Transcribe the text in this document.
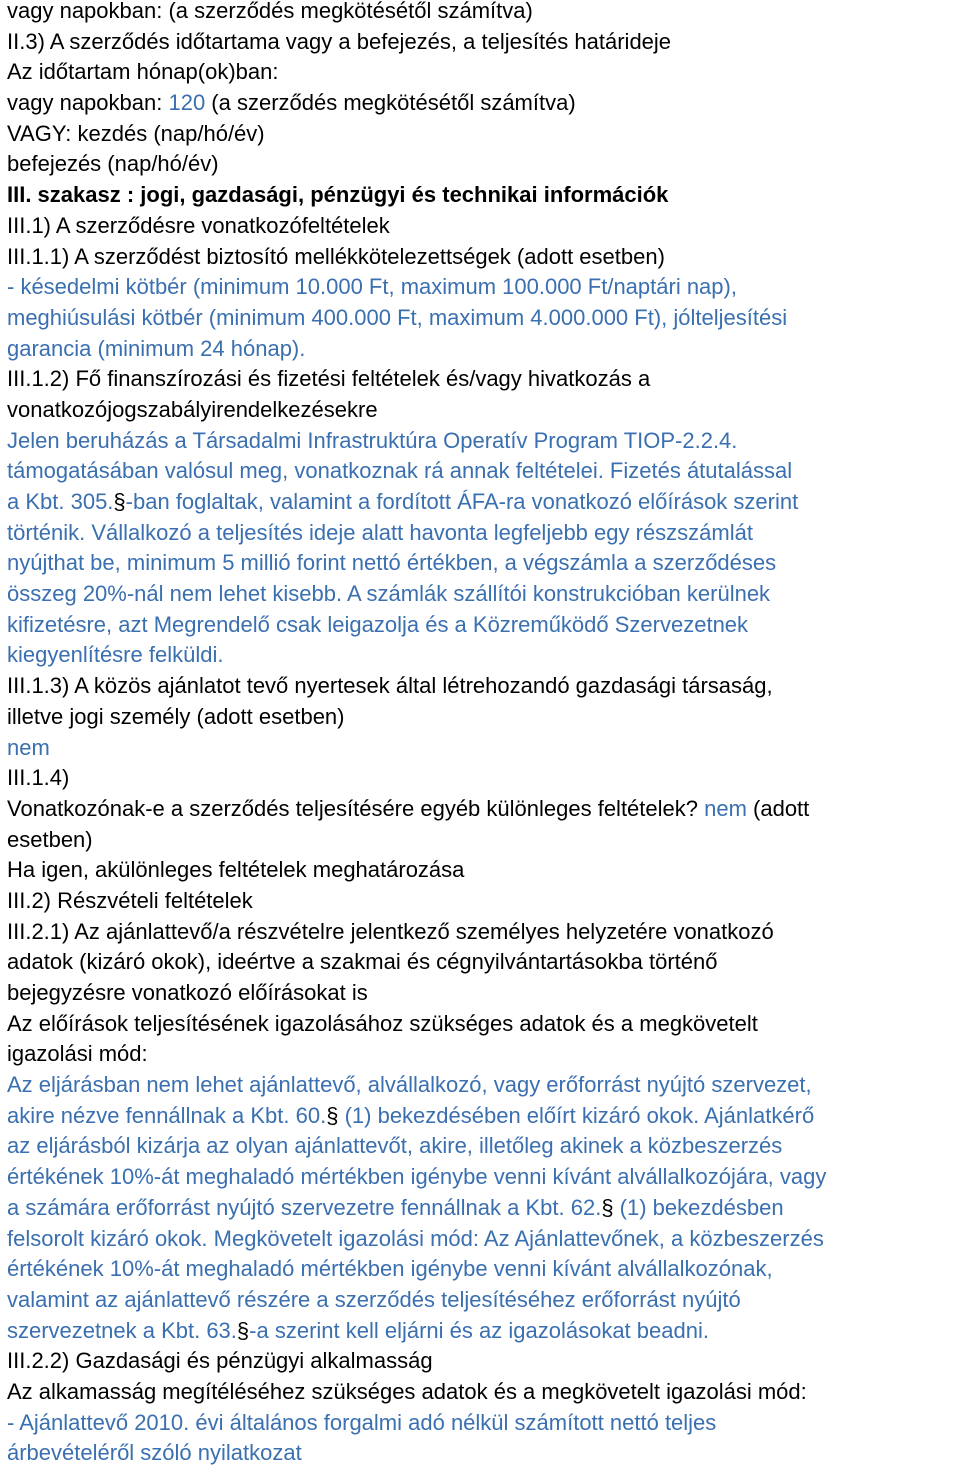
vagy napokban: (a szerződés megkötésétől számítva)
II.3) A szerződés időtartama vagy a befejezés, a teljesítés határideje
Az időtartam hónap(ok)ban:
vagy napokban: 120 (a szerződés megkötésétől számítva)
VAGY: kezdés (nap/hó/év)
befejezés (nap/hó/év)
III. szakasz : jogi, gazdasági, pénzügyi és technikai információk
III.1) A szerződésre vonatkozófeltételek
III.1.1) A szerződést biztosító mellékkötelezettségek (adott esetben)
- késedelmi kötbér (minimum 10.000 Ft, maximum 100.000 Ft/naptári nap),
meghiúsulási kötbér (minimum 400.000 Ft, maximum 4.000.000 Ft), jólteljesítési
garancia (minimum 24 hónap).
III.1.2) Fő finanszírozási és fizetési feltételek és/vagy hivatkozás a
vonatkozójogszabályirendelkezésekre
Jelen beruházás a Társadalmi Infrastruktúra Operatív Program TIOP-2.2.4.
támogatásában valósul meg, vonatkoznak rá annak feltételei. Fizetés átutalással
a Kbt. 305.§-ban foglaltak, valamint a fordított ÁFA-ra vonatkozó előírások szerint
történik. Vállalkozó a teljesítés ideje alatt havonta legfeljebb egy részszámlát
nyújthat be, minimum 5 millió forint nettó értékben, a végszámla a szerződéses
összeg 20%-nál nem lehet kisebb. A számlák szállítói konstrukcióban kerülnek
kifizetésre, azt Megrendelő csak leigazolja és a Közreműködő Szervezetnek
kiegyenlítésre felküldi.
III.1.3) A közös ajánlatot tevő nyertesek által létrehozandó gazdasági társaság,
illetve jogi személy (adott esetben)
nem
III.1.4)
Vonatkozónak-e a szerződés teljesítésére egyéb különleges feltételek? nem (adott
esetben)
Ha igen, akülönleges feltételek meghatározása
III.2) Részvételi feltételek
III.2.1) Az ajánlattevő/a részvételre jelentkező személyes helyzetére vonatkozó
adatok (kizáró okok), ideértve a szakmai és cégnyilvántartásokba történő
bejegyzésre vonatkozó előírásokat is
Az előírások teljesítésének igazolásához szükséges adatok és a megkövetelt
igazolási mód:
Az eljárásban nem lehet ajánlattevő, alvállalkozó, vagy erőforrást nyújtó szervezet,
akire nézve fennállnak a Kbt. 60.§ (1) bekezdésében előírt kizáró okok. Ajánlatkérő
az eljárásból kizárja az olyan ajánlattevőt, akire, illetőleg akinek a közbeszerzés
értékének 10%-át meghaladó mértékben igénybe venni kívánt alvállalkozójára, vagy
a számára erőforrást nyújtó szervezetre fennállnak a Kbt. 62.§ (1) bekezdésben
felsorolt kizáró okok. Megkövetelt igazolási mód: Az Ajánlattevőnek, a közbeszerzés
értékének 10%-át meghaladó mértékben igénybe venni kívánt alvállalkozónak,
valamint az ajánlattevő részére a szerződés teljesítéséhez erőforrást nyújtó
szervezetnek a Kbt. 63.§-a szerint kell eljárni és az igazolásokat beadni.
III.2.2) Gazdasági és pénzügyi alkalmasság
Az alkamasság megítéléséhez szükséges adatok és a megkövetelt igazolási mód:
- Ajánlattevő 2010. évi általános forgalmi adó nélkül számított nettó teljes
árbevételéről szóló nyilatkozat
